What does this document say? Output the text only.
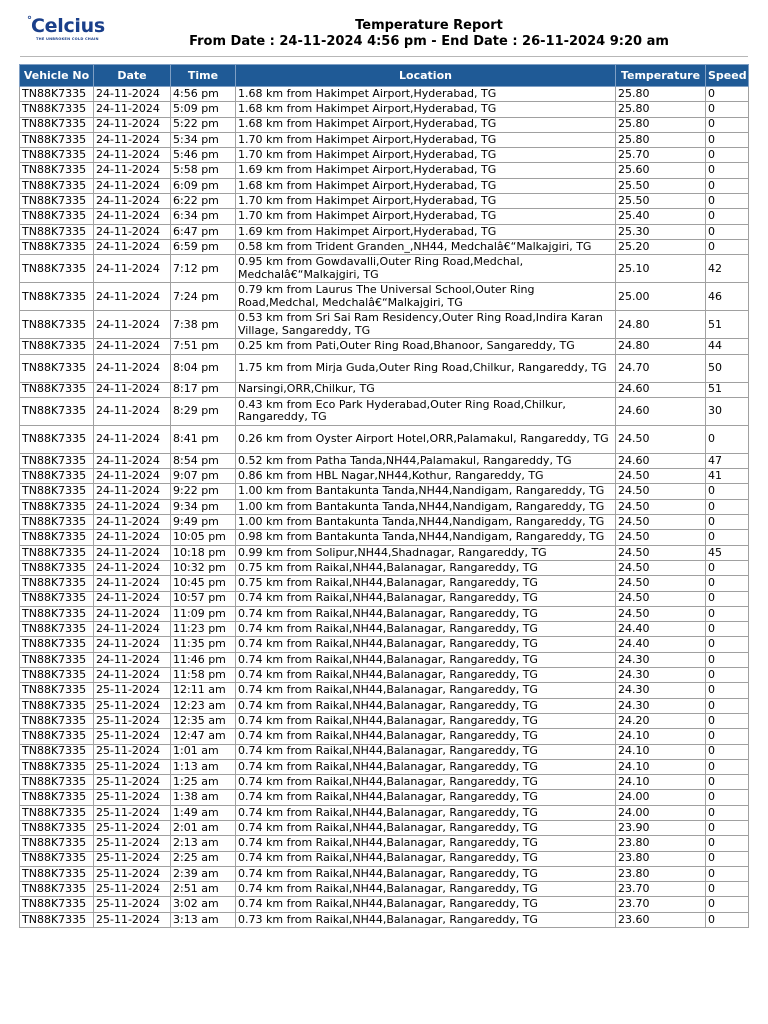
° Celcius
THE UNBROKEN COLD CHAIN
Temperature Report
From Date : 24-11-2024 4:56 pm - End Date : 26-11-2024 9:20 am
Vehicle No	Date	Time	Location	Temperature	Speed
TN88K7335	24-11-2024	4:56 pm	1.68 km from Hakimpet Airport,Hyderabad, TG	25.80	0
TN88K7335	24-11-2024	5:09 pm	1.68 km from Hakimpet Airport,Hyderabad, TG	25.80	0
TN88K7335	24-11-2024	5:22 pm	1.68 km from Hakimpet Airport,Hyderabad, TG	25.80	0
TN88K7335	24-11-2024	5:34 pm	1.70 km from Hakimpet Airport,Hyderabad, TG	25.80	0
TN88K7335	24-11-2024	5:46 pm	1.70 km from Hakimpet Airport,Hyderabad, TG	25.70	0
TN88K7335	24-11-2024	5:58 pm	1.69 km from Hakimpet Airport,Hyderabad, TG	25.60	0
TN88K7335	24-11-2024	6:09 pm	1.68 km from Hakimpet Airport,Hyderabad, TG	25.50	0
TN88K7335	24-11-2024	6:22 pm	1.70 km from Hakimpet Airport,Hyderabad, TG	25.50	0
TN88K7335	24-11-2024	6:34 pm	1.70 km from Hakimpet Airport,Hyderabad, TG	25.40	0
TN88K7335	24-11-2024	6:47 pm	1.69 km from Hakimpet Airport,Hyderabad, TG	25.30	0
TN88K7335	24-11-2024	6:59 pm	0.58 km from Trident Granden_,NH44, Medchalâ€“Malkajgiri, TG	25.20	0
TN88K7335	24-11-2024	7:12 pm	0.95 km from Gowdavalli,Outer Ring Road,Medchal, Medchalâ€“Malkajgiri, TG	25.10	42
TN88K7335	24-11-2024	7:24 pm	0.79 km from Laurus The Universal School,Outer Ring Road,Medchal, Medchalâ€“Malkajgiri, TG	25.00	46
TN88K7335	24-11-2024	7:38 pm	0.53 km from Sri Sai Ram Residency,Outer Ring Road,Indira Karan Village, Sangareddy, TG	24.80	51
TN88K7335	24-11-2024	7:51 pm	0.25 km from Pati,Outer Ring Road,Bhanoor, Sangareddy, TG	24.80	44
TN88K7335	24-11-2024	8:04 pm	1.75 km from Mirja Guda,Outer Ring Road,Chilkur, Rangareddy, TG	24.70	50
TN88K7335	24-11-2024	8:17 pm	Narsingi,ORR,Chilkur, TG	24.60	51
TN88K7335	24-11-2024	8:29 pm	0.43 km from Eco Park Hyderabad,Outer Ring Road,Chilkur, Rangareddy, TG	24.60	30
TN88K7335	24-11-2024	8:41 pm	0.26 km from Oyster Airport Hotel,ORR,Palamakul, Rangareddy, TG	24.50	0
TN88K7335	24-11-2024	8:54 pm	0.52 km from Patha Tanda,NH44,Palamakul, Rangareddy, TG	24.60	47
TN88K7335	24-11-2024	9:07 pm	0.86 km from HBL Nagar,NH44,Kothur, Rangareddy, TG	24.50	41
TN88K7335	24-11-2024	9:22 pm	1.00 km from Bantakunta Tanda,NH44,Nandigam, Rangareddy, TG	24.50	0
TN88K7335	24-11-2024	9:34 pm	1.00 km from Bantakunta Tanda,NH44,Nandigam, Rangareddy, TG	24.50	0
TN88K7335	24-11-2024	9:49 pm	1.00 km from Bantakunta Tanda,NH44,Nandigam, Rangareddy, TG	24.50	0
TN88K7335	24-11-2024	10:05 pm	0.98 km from Bantakunta Tanda,NH44,Nandigam, Rangareddy, TG	24.50	0
TN88K7335	24-11-2024	10:18 pm	0.99 km from Solipur,NH44,Shadnagar, Rangareddy, TG	24.50	45
TN88K7335	24-11-2024	10:32 pm	0.75 km from Raikal,NH44,Balanagar, Rangareddy, TG	24.50	0
TN88K7335	24-11-2024	10:45 pm	0.75 km from Raikal,NH44,Balanagar, Rangareddy, TG	24.50	0
TN88K7335	24-11-2024	10:57 pm	0.74 km from Raikal,NH44,Balanagar, Rangareddy, TG	24.50	0
TN88K7335	24-11-2024	11:09 pm	0.74 km from Raikal,NH44,Balanagar, Rangareddy, TG	24.50	0
TN88K7335	24-11-2024	11:23 pm	0.74 km from Raikal,NH44,Balanagar, Rangareddy, TG	24.40	0
TN88K7335	24-11-2024	11:35 pm	0.74 km from Raikal,NH44,Balanagar, Rangareddy, TG	24.40	0
TN88K7335	24-11-2024	11:46 pm	0.74 km from Raikal,NH44,Balanagar, Rangareddy, TG	24.30	0
TN88K7335	24-11-2024	11:58 pm	0.74 km from Raikal,NH44,Balanagar, Rangareddy, TG	24.30	0
TN88K7335	25-11-2024	12:11 am	0.74 km from Raikal,NH44,Balanagar, Rangareddy, TG	24.30	0
TN88K7335	25-11-2024	12:23 am	0.74 km from Raikal,NH44,Balanagar, Rangareddy, TG	24.30	0
TN88K7335	25-11-2024	12:35 am	0.74 km from Raikal,NH44,Balanagar, Rangareddy, TG	24.20	0
TN88K7335	25-11-2024	12:47 am	0.74 km from Raikal,NH44,Balanagar, Rangareddy, TG	24.10	0
TN88K7335	25-11-2024	1:01 am	0.74 km from Raikal,NH44,Balanagar, Rangareddy, TG	24.10	0
TN88K7335	25-11-2024	1:13 am	0.74 km from Raikal,NH44,Balanagar, Rangareddy, TG	24.10	0
TN88K7335	25-11-2024	1:25 am	0.74 km from Raikal,NH44,Balanagar, Rangareddy, TG	24.10	0
TN88K7335	25-11-2024	1:38 am	0.74 km from Raikal,NH44,Balanagar, Rangareddy, TG	24.00	0
TN88K7335	25-11-2024	1:49 am	0.74 km from Raikal,NH44,Balanagar, Rangareddy, TG	24.00	0
TN88K7335	25-11-2024	2:01 am	0.74 km from Raikal,NH44,Balanagar, Rangareddy, TG	23.90	0
TN88K7335	25-11-2024	2:13 am	0.74 km from Raikal,NH44,Balanagar, Rangareddy, TG	23.80	0
TN88K7335	25-11-2024	2:25 am	0.74 km from Raikal,NH44,Balanagar, Rangareddy, TG	23.80	0
TN88K7335	25-11-2024	2:39 am	0.74 km from Raikal,NH44,Balanagar, Rangareddy, TG	23.80	0
TN88K7335	25-11-2024	2:51 am	0.74 km from Raikal,NH44,Balanagar, Rangareddy, TG	23.70	0
TN88K7335	25-11-2024	3:02 am	0.74 km from Raikal,NH44,Balanagar, Rangareddy, TG	23.70	0
TN88K7335	25-11-2024	3:13 am	0.73 km from Raikal,NH44,Balanagar, Rangareddy, TG	23.60	0
